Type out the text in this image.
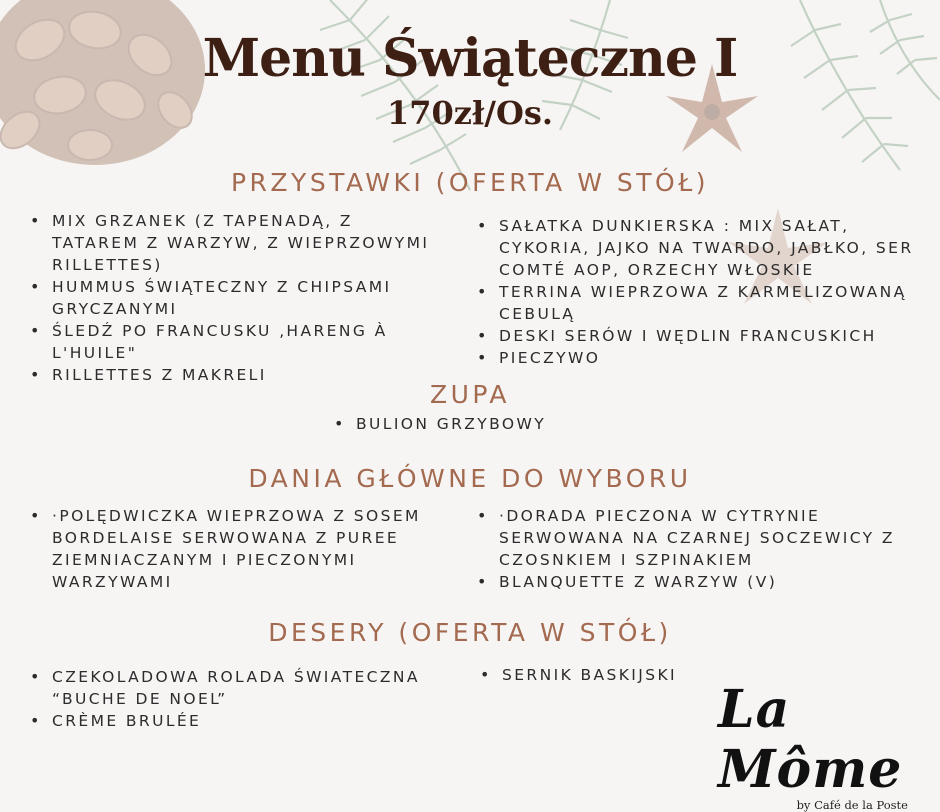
Menu Świąteczne I
170zł/Os.
PRZYSTAWKI (OFERTA W STÓŁ)
• MIX GRZANEK (Z TAPENADĄ, Z TATAREM Z WARZYW, Z WIEPRZOWYMI RILLETTES)
• HUMMUS ŚWIĄTECZNY Z CHIPSAMI GRYCZANYMI
• ŚLEDŹ PO FRANCUSKU ‚HARENG À L'HUILE"
• RILLETTES Z MAKRELI
• SAŁATKA DUNKIERSKA : MIX SAŁAT, CYKORIA, JAJKO NA TWARDO, JABŁKO, SER COMTÉ AOP, ORZECHY WŁOSKIE
• TERRINA WIEPRZOWA Z KARMELIZOWANĄ CEBULĄ
• DESKI SERÓW I WĘDLIN FRANCUSKICH
• PIECZYWO
ZUPA
• BULION GRZYBOWY
DANIA GŁÓWNE DO WYBORU
• ·POLĘDWICZKA WIEPRZOWA Z SOSEM BORDELAISE SERWOWANA Z PUREE ZIEMNIACZANYM I PIECZONYMI WARZYWAMI
• ·DORADA PIECZONA W CYTRYNIE SERWOWANA NA CZARNEJ SOCZEWICY Z CZOSNKIEM I SZPINAKIEM
• BLANQUETTE Z WARZYW (V)
DESERY (OFERTA W STÓŁ)
• CZEKOLADOWA ROLADA ŚWIATECZNA “BUCHE DE NOEL”
• CRÈME BRULÉE
• SERNIK BASKIJSKI
La Môme
by Café de la Poste
